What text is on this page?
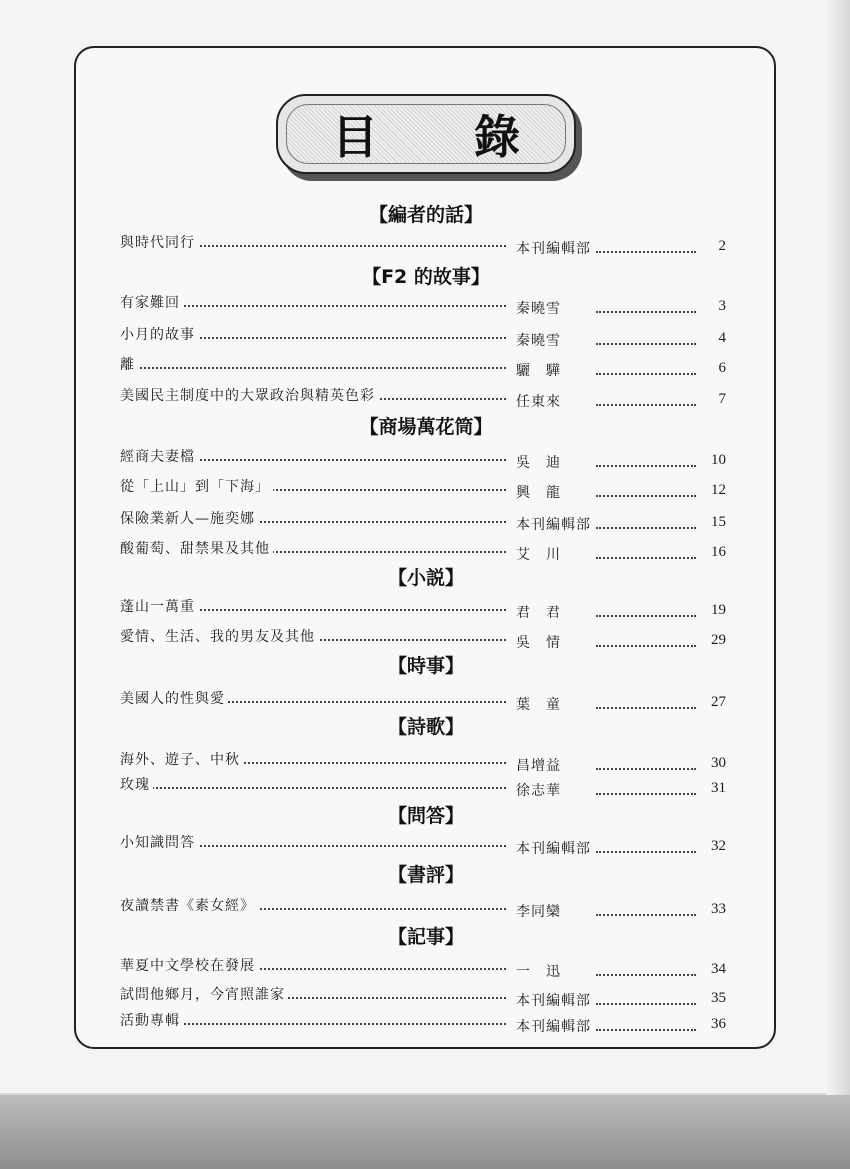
目 錄
【編者的話】
與時代同行	本刊編輯部	2
【F2 的故事】
有家難回	秦曉雪	3
小月的故事	秦曉雪	4
離	驪　驊	6
美國民主制度中的大眾政治與精英色彩	任東來	7
【商場萬花筒】
經商夫妻檔	吳　迪	10
從「上山」到「下海」	興　龍	12
保險業新人—施奕娜	本刊編輯部	15
酸葡萄、甜禁果及其他	艾　川	16
【小説】
蓬山一萬重	君　君	19
愛情、生活、我的男友及其他	吳　情	29
【時事】
美國人的性與愛	葉　童	27
【詩歌】
海外、遊子、中秋	昌增益	30
玫瑰	徐志華	31
【問答】
小知識問答	本刊編輯部	32
【書評】
夜讀禁書《素女經》	李同欒	33
【記事】
華夏中文學校在發展	一　迅	34
試問他鄉月，今宵照誰家	本刊編輯部	35
活動專輯	本刊編輯部	36
